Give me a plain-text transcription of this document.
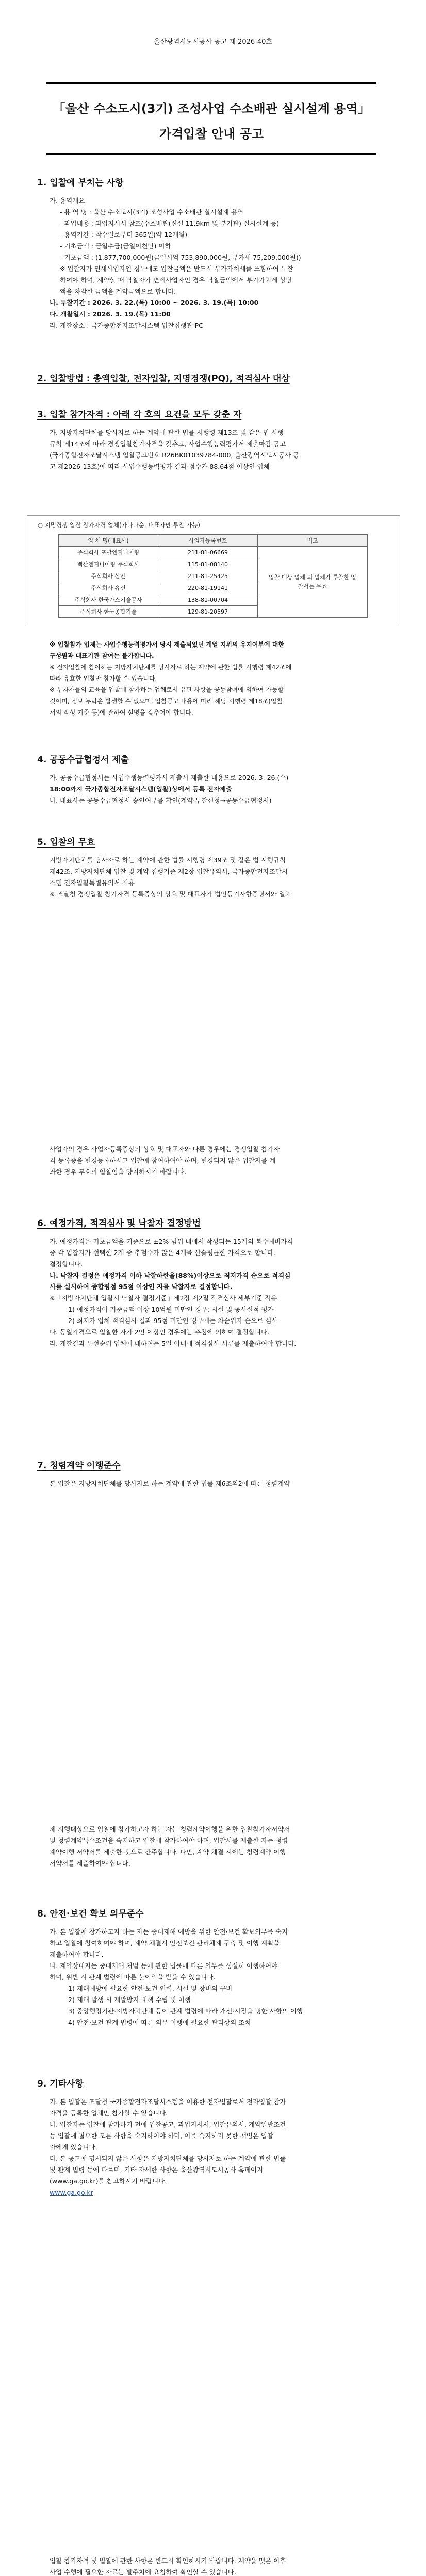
울산광역시도시공사 공고 제 2026-40호
「울산 수소도시(3기) 조성사업 수소배관 실시설계 용역」
가격입찰 안내 공고
1. 입찰에 부치는 사항
가. 용역개요
- 용 역 명 : 울산 수소도시(3기) 조성사업 수소배관 실시설계 용역
- 과업내용 : 과업지시서 참조(수소배관(신설 11.9km 및 분기관) 실시설계 등)
- 용역기간 : 착수일로부터 365일(약 12개월)
- 기초금액 : 금일수금(금일이천만) 이하
- 기초금액 : (1,877,700,000원(금일시억 753,890,000원, 부가세 75,209,000원))
※ 입찰자가 면세사업자인 경우에도 입찰금액은 반드시 부가가치세를 포함하여 투찰
하여야 하며, 계약할 때 낙찰자가 면세사업자인 경우 낙찰금액에서 부가가치세 상당
액을 차감한 금액을 계약금액으로 합니다.
나. 투찰기간 : 2026. 3. 22.(목) 10:00 ~ 2026. 3. 19.(목) 10:00
다. 개찰일시 : 2026. 3. 19.(목) 11:00
라. 개찰장소 : 국가종합전자조달시스템 입찰집행관 PC
2. 입찰방법 : 총액입찰, 전자입찰, 지명경쟁(PQ), 적격심사 대상
3. 입찰 참가자격 : 아래 각 호의 요건을 모두 갖춘 자
가. 지방자치단체를 당사자로 하는 계약에 관한 법률 시행령 제13조 및 같은 법 시행
규칙 제14조에 따라 경쟁입찰참가자격을 갖추고, 사업수행능력평가서 제출마감 공고
(국가종합전자조달시스템 입찰공고번호 R26BK01039784-000, 울산광역시도시공사 공
고 제2026-13호)에 따라 사업수행능력평가 결과 점수가 88.64점 이상인 업체
○ 지명경쟁 입찰 참가자격 업체(가나다순, 대표자만 투찰 가능)
업 체 명(대표사)	사업자등록번호	비고
주식회사 포괄엔지니어링	211-81-06669	입찰 대상 업체 외 업체가 투찰한 입찰서는 무효
백산엔지니어링 주식회사	115-81-08140	
주식회사 삼안	211-81-25425	
주식회사 유신	220-81-19141	
주식회사 한국가스기술공사	138-81-00704	
주식회사 한국종합기술	129-81-20597	
※ 입찰참가 업체는 사업수행능력평가서 당시 제출되었던 계열 지위의 유지여부에 대한
구성원과 대표기관 참여는 불가합니다.
※ 전자입찰에 참여하는 지방자치단체를 당사자로 하는 계약에 관한 법률 시행령 제42조에
따라 유효한 입찰만 참가할 수 있습니다.
※ 투자자들의 교육을 입찰에 참가하는 업체로서 유관 사항을 공동참여에 의하여 가능할
것이며, 정보 누락은 발생할 수 없으며, 입찰공고 내용에 따라 해당 시행령 제18조(입찰
서의 작성 기준 등)에 관하여 설명을 갖추어야 합니다.
4. 공동수급협정서 제출
가. 공동수급협정서는 사업수행능력평가서 제출시 제출한 내용으로 2026. 3. 26.(수)
18:00까지 국가종합전자조달시스템(입찰)상에서 등록 전자제출
나. 대표사는 공동수급협정서 승인여부를 확인(계약·투찰신청→공동수급협정서)
5. 입찰의 무효
지방자치단체를 당사자로 하는 계약에 관한 법률 시행령 제39조 및 같은 법 시행규칙
제42조, 지방자치단체 입찰 및 계약 집행기준 제2장 입찰유의서, 국가종합전자조달시
스템 전자입찰특별유의서 적용
※ 조달청 경쟁입찰 참가자격 등록증상의 상호 및 대표자가 법인등기사항증명서와 일치
사업자의 경우 사업자등록증상의 상호 및 대표자와 다른 경우에는 경쟁입찰 참가자
격 등록증을 변경등록하시고 입찰에 참여하여야 하며, 변경되지 않은 입찰자를 계
좌한 경우 무효의 입찰임을 양지하시기 바랍니다.
6. 예정가격, 적격심사 및 낙찰자 결정방법
가. 예정가격은 기초금액을 기준으로 ±2% 범위 내에서 작성되는 15개의 복수예비가격
중 각 입찰자가 선택한 2개 중 추첨수가 많은 4개를 산술평균한 가격으로 합니다.
결정합니다.
나. 낙찰자 결정은 예정가격 이하 낙찰하한율(88%)이상으로 최저가격 순으로 적격심
사를 실시하여 종합평점 95점 이상인 자를 낙찰자로 결정합니다.
※「지방자치단체 입찰시 낙찰자 결정기준」제2장 제2절 적격심사 세부기준 적용
1) 예정가격이 기준금액 이상 10억원 미만인 경우: 시설 및 공사실적 평가
2) 최저가 업체 적격심사 결과 95점 미만인 경우에는 차순위자 순으로 심사
다. 동일가격으로 입찰한 자가 2인 이상인 경우에는 추첨에 의하여 결정합니다.
라. 개찰결과 우선순위 업체에 대하여는 5일 이내에 적격심사 서류를 제출하여야 합니다.
7. 청렴계약 이행준수
본 입찰은 지방자치단체를 당사자로 하는 계약에 관한 법률 제6조의2에 따른 청렴계약
제 시행대상으로 입찰에 참가하고자 하는 자는 청렴계약이행을 위한 입찰참가자서약서
및 청렴계약특수조건을 숙지하고 입찰에 참가하여야 하며, 입찰서를 제출한 자는 청렴
계약이행 서약서를 제출한 것으로 간주합니다. 다만, 계약 체결 시에는 청렴계약 이행
서약서를 제출하여야 합니다.
8. 안전·보건 확보 의무준수
가. 본 입찰에 참가하고자 하는 자는 중대재해 예방을 위한 안전·보건 확보의무를 숙지
하고 입찰에 참여하여야 하며, 계약 체결시 안전보건 관리체계 구축 및 이행 계획을
제출하여야 합니다.
나. 계약상대자는 중대재해 처벌 등에 관한 법률에 따른 의무를 성실히 이행하여야
하며, 위반 시 관계 법령에 따른 불이익을 받을 수 있습니다.
1) 재해예방에 필요한 안전·보건 인력, 시설 및 장비의 구비
2) 재해 발생 시 재발방지 대책 수립 및 이행
3) 중앙행정기관·지방자치단체 등이 관계 법령에 따라 개선·시정을 명한 사항의 이행
4) 안전·보건 관계 법령에 따른 의무 이행에 필요한 관리상의 조치
9. 기타사항
가. 본 입찰은 조달청 국가종합전자조달시스템을 이용한 전자입찰로서 전자입찰 참가
자격을 등록한 업체만 참가할 수 있습니다.
나. 입찰자는 입찰에 참가하기 전에 입찰공고, 과업지시서, 입찰유의서, 계약일반조건
등 입찰에 필요한 모든 사항을 숙지하여야 하며, 이를 숙지하지 못한 책임은 입찰
자에게 있습니다.
다. 본 공고에 명시되지 않은 사항은 지방자치단체를 당사자로 하는 계약에 관한 법률
및 관계 법령 등에 따르며, 기타 자세한 사항은 울산광역시도시공사 홈페이지
(www.ga.go.kr)를 참고하시기 바랍니다.
www.ga.go.kr
입찰 참가자격 및 입찰에 관한 사항은 반드시 확인하시기 바랍니다. 계약을 맺은 이후
사업 수행에 필요한 자료는 발주처에 요청하여 확인할 수 있습니다.
